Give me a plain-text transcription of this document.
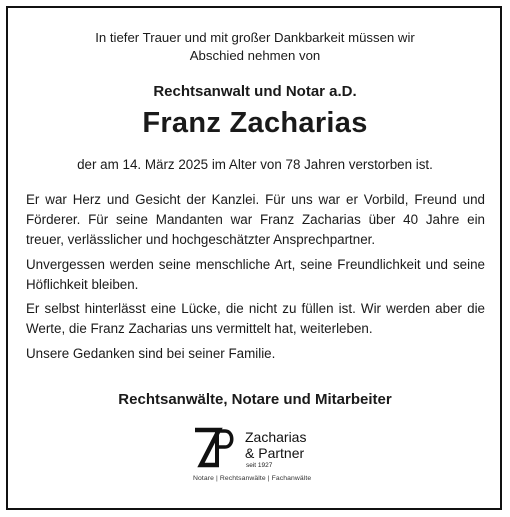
In tiefer Trauer und mit großer Dankbarkeit müssen wir
Abschied nehmen von
Rechtsanwalt und Notar a.D.
Franz Zacharias
der am 14. März 2025 im Alter von 78 Jahren verstorben ist.
Er war Herz und Gesicht der Kanzlei. Für uns war er Vorbild, Freund und Förderer. Für seine Mandanten war Franz Zacharias über 40 Jahre ein treuer, verlässlicher und hochgeschätzter Ansprechpartner.
Unvergessen werden seine menschliche Art, seine Freundlichkeit und seine Höflichkeit bleiben.
Er selbst hinterlässt eine Lücke, die nicht zu füllen ist. Wir werden aber die Werte, die Franz Zacharias uns vermittelt hat, weiterleben.
Unsere Gedanken sind bei seiner Familie.
Rechtsanwälte, Notare und Mitarbeiter
Zacharias
& Partner
seit 1927
Notare | Rechtsanwälte | Fachanwälte
